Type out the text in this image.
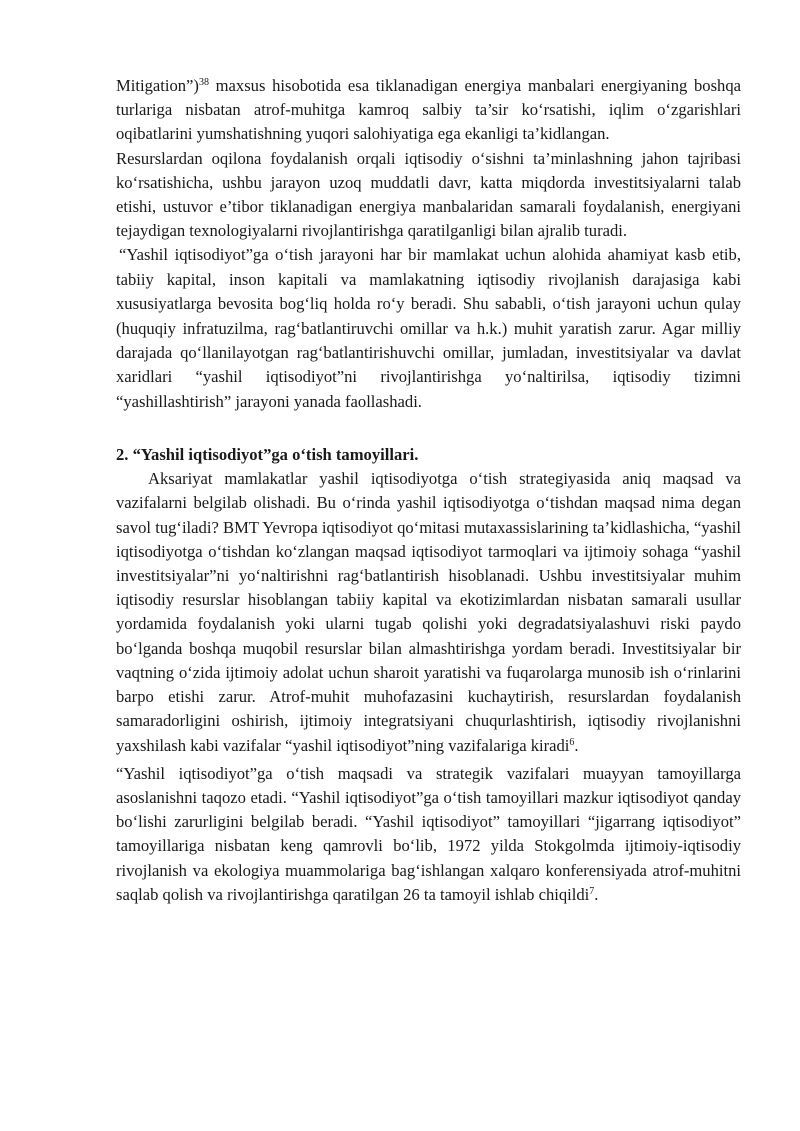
Mitigation”)$^{38}$ maxsus hisobotida esa tiklanadigan energiya manbalari energiyaning boshqa turlariga nisbatan atrof-muhitga kamroq salbiy ta’sir ko‘rsatishi, iqlim o‘zgarishlari oqibatlarini yumshatishning yuqori salohiyatiga ega ekanligi ta’kidlangan.

Resurslardan oqilona foydalanish orqali iqtisodiy o‘sishni ta’minlashning jahon tajribasi ko‘rsatishicha, ushbu jarayon uzoq muddatli davr, katta miqdorda investitsiyalarni talab etishi, ustuvor e’tibor tiklanadigan energiya manbalaridan samarali foydalanish, energiyani tejaydigan texnologiyalarni rivojlantirishga qaratilganligi bilan ajralib turadi.

“Yashil iqtisodiyot”ga o‘tish jarayoni har bir mamlakat uchun alohida ahamiyat kasb etib, tabiiy kapital, inson kapitali va mamlakatning iqtisodiy rivojlanish darajasiga kabi xususiyatlarga bevosita bog‘liq holda ro‘y beradi. Shu sababli, o‘tish jarayoni uchun qulay (huquqiy infratuzilma, rag‘batlantiruvchi omillar va h.k.) muhit yaratish zarur. Agar milliy darajada qo‘llanilayotgan rag‘batlantirishuvchi omillar, jumladan, investitsiyalar va davlat xaridlari “yashil iqtisodiyot”ni rivojlantirishga yo‘naltirilsa, iqtisodiy tizimni “yashillashtirish” jarayoni yanada faollashadi.

2. “Yashil iqtisodiyot”ga o‘tish tamoyillari.

Aksariyat mamlakatlar yashil iqtisodiyotga o‘tish strategiyasida aniq maqsad va vazifalarni belgilab olishadi. Bu o‘rinda yashil iqtisodiyotga o‘tishdan maqsad nima degan savol tug‘iladi? BMT Yevropa iqtisodiyot qo‘mitasi mutaxassislarining ta’kidlashicha, “yashil iqtisodiyotga o‘tishdan ko‘zlangan maqsad iqtisodiyot tarmoqlari va ijtimoiy sohaga “yashil investitsiyalar”ni yo‘naltirishni rag‘batlantirish hisoblanadi. Ushbu investitsiyalar muhim iqtisodiy resurslar hisoblangan tabiiy kapital va ekotizimlardan nisbatan samarali usullar yordamida foydalanish yoki ularni tugab qolishi yoki degradatsiyalashuvi riski paydo bo‘lganda boshqa muqobil resurslar bilan almashtirishga yordam beradi. Investitsiyalar bir vaqtning o‘zida ijtimoiy adolat uchun sharoit yaratishi va fuqarolarga munosib ish o‘rinlarini barpo etishi zarur. Atrof-muhit muhofazasini kuchaytirish, resurslardan foydalanish samaradorligini oshirish, ijtimoiy integratsiyani chuqurlashtirish, iqtisodiy rivojlanishni yaxshilash kabi vazifalar “yashil iqtisodiyot”ning vazifalariga kiradi$^6$.

“Yashil iqtisodiyot”ga o‘tish maqsadi va strategik vazifalari muayyan tamoyillarga asoslanishni taqozo etadi. “Yashil iqtisodiyot”ga o‘tish tamoyillari mazkur iqtisodiyot qanday bo‘lishi zarurligini belgilab beradi. “Yashil iqtisodiyot” tamoyillari “jigarrang iqtisodiyot” tamoyillariga nisbatan keng qamrovli bo‘lib, 1972 yilda Stokgolmda ijtimoiy-iqtisodiy rivojlanish va ekologiya muammolariga bag‘ishlangan xalqaro konferensiyada atrof-muhitni saqlab qolish va rivojlantirishga qaratilgan 26 ta tamoyil ishlab chiqildi$^7$.
